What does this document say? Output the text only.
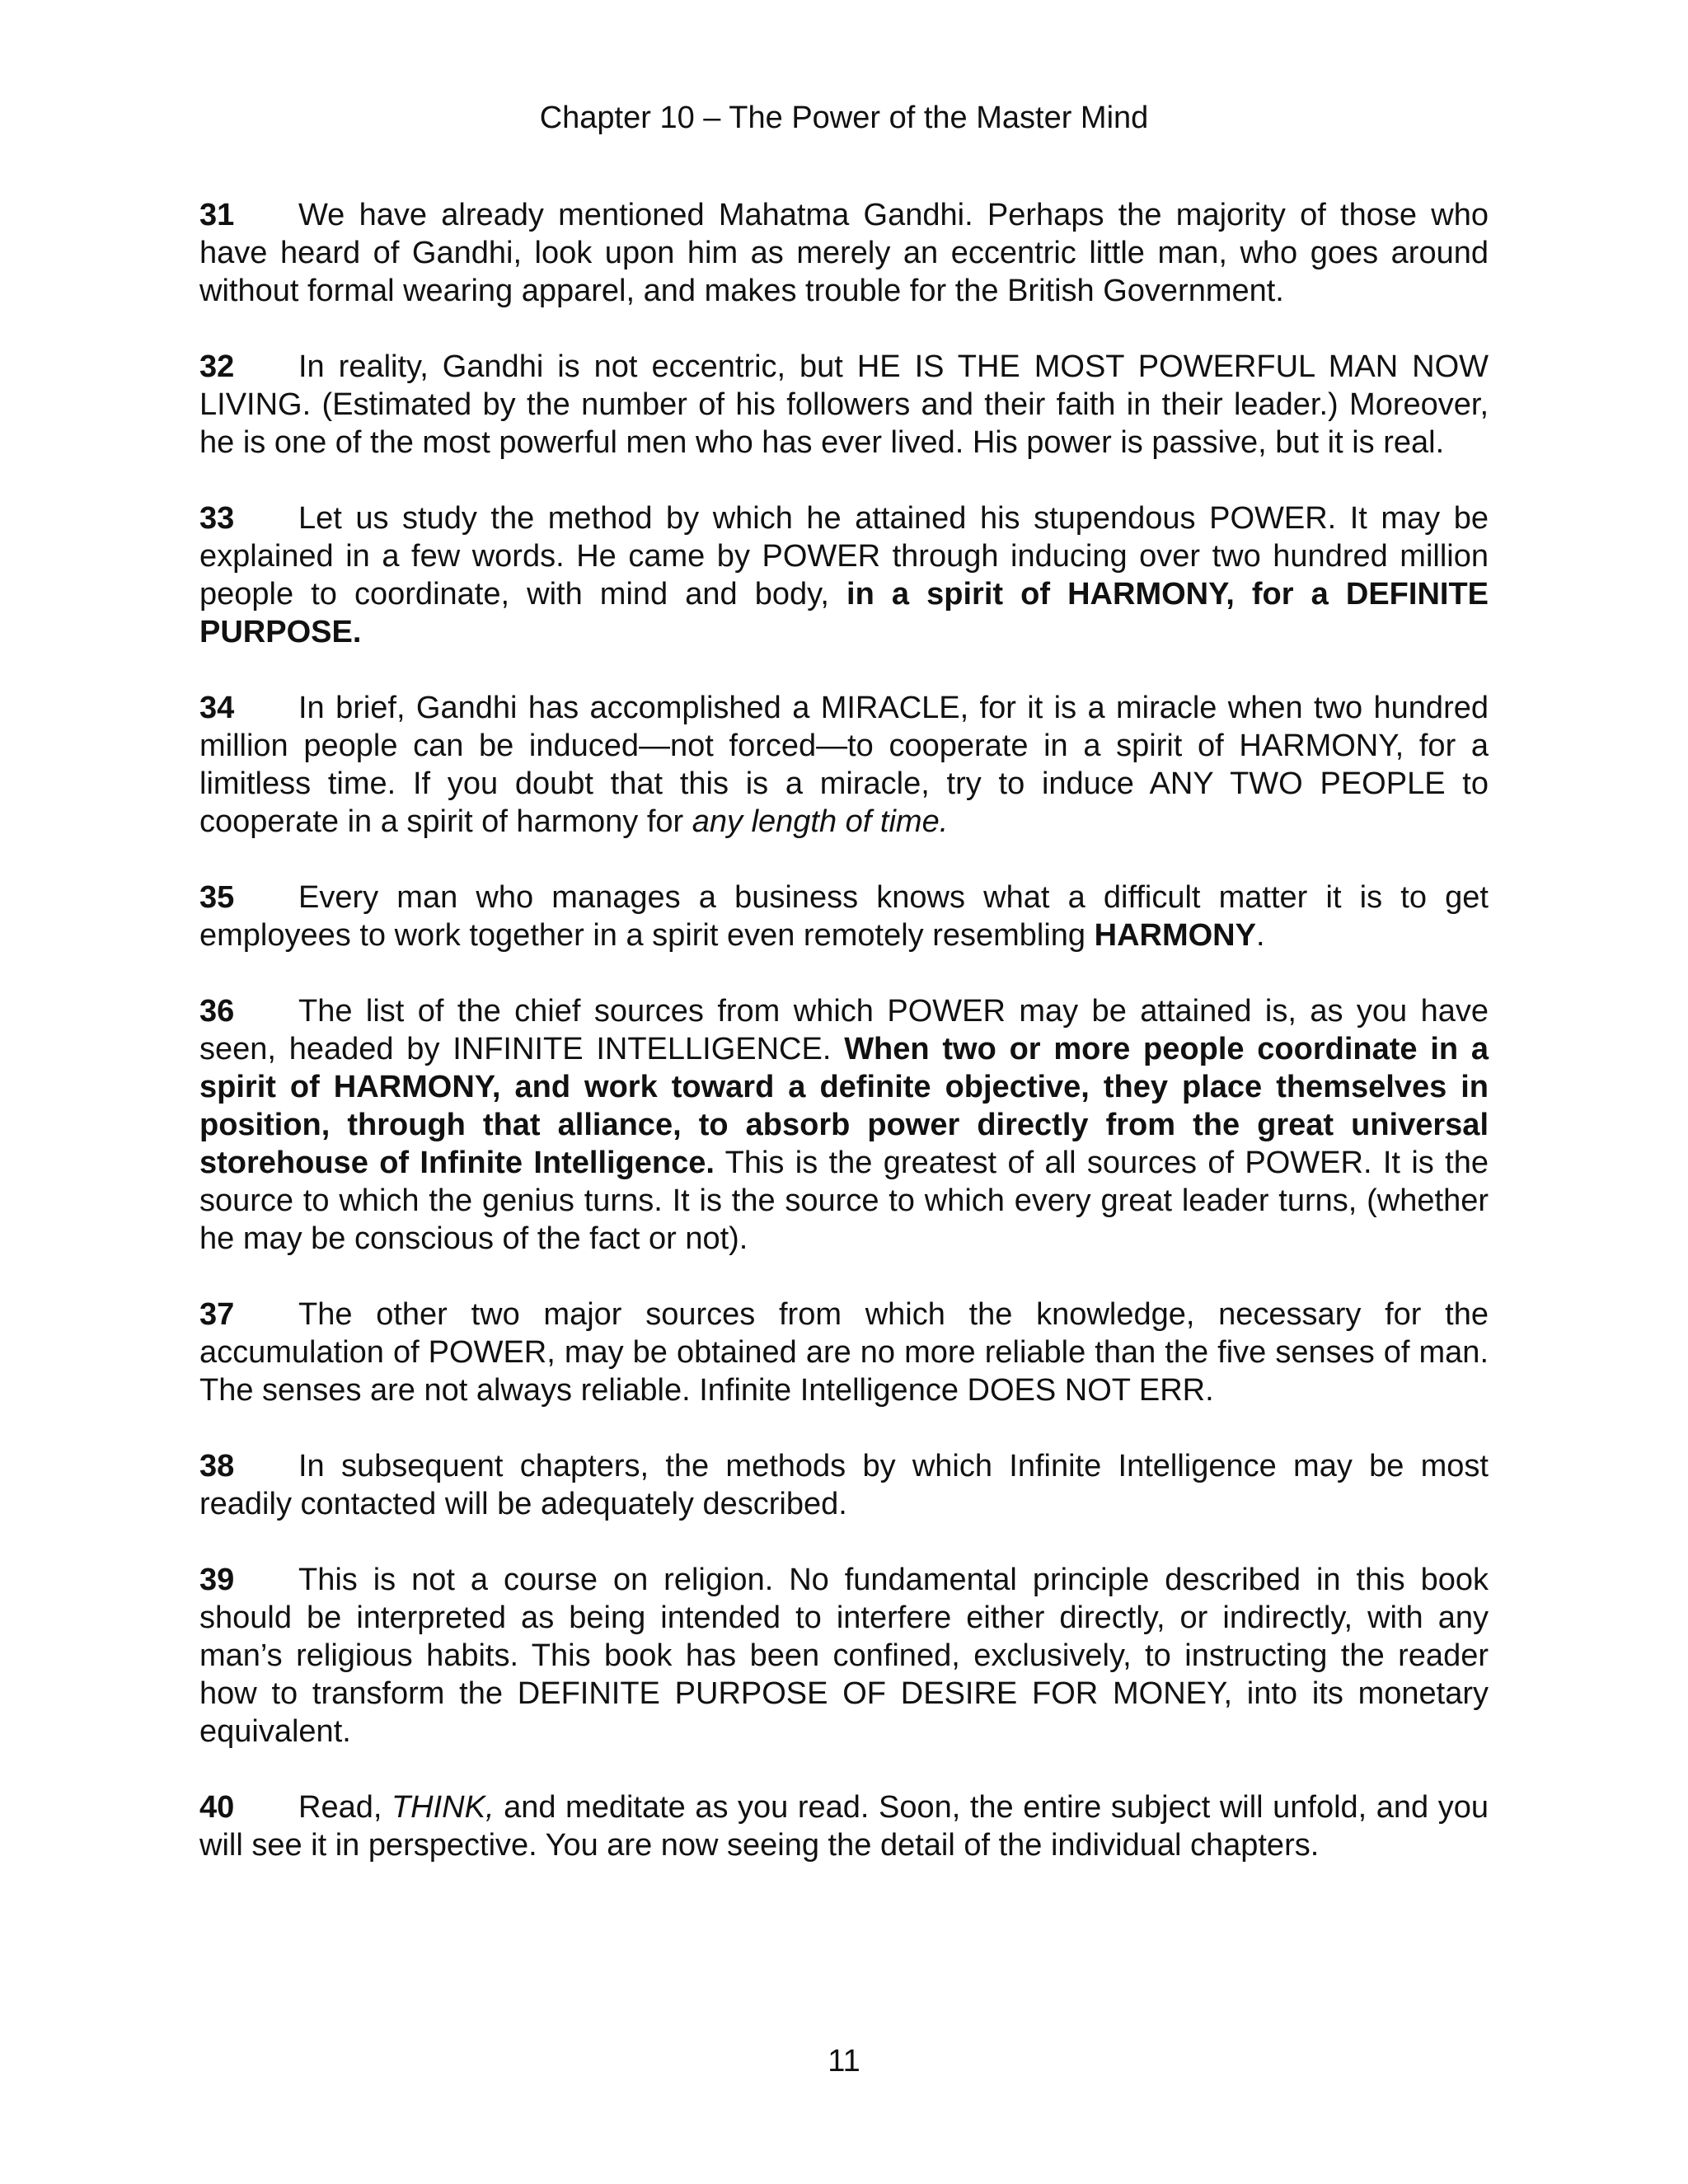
Chapter 10 – The Power of the Master Mind

31 We have already mentioned Mahatma Gandhi. Perhaps the majority of those who have heard of Gandhi, look upon him as merely an eccentric little man, who goes around without formal wearing apparel, and makes trouble for the British Government.

32 In reality, Gandhi is not eccentric, but HE IS THE MOST POWERFUL MAN NOW LIVING. (Estimated by the number of his followers and their faith in their leader.) Moreover, he is one of the most powerful men who has ever lived. His power is passive, but it is real.

33 Let us study the method by which he attained his stupendous POWER. It may be explained in a few words. He came by POWER through inducing over two hundred million people to coordinate, with mind and body, in a spirit of HARMONY, for a DEFINITE PURPOSE.

34 In brief, Gandhi has accomplished a MIRACLE, for it is a miracle when two hundred million people can be induced—not forced—to cooperate in a spirit of HARMONY, for a limitless time. If you doubt that this is a miracle, try to induce ANY TWO PEOPLE to cooperate in a spirit of harmony for any length of time.

35 Every man who manages a business knows what a difficult matter it is to get employees to work together in a spirit even remotely resembling HARMONY.

36 The list of the chief sources from which POWER may be attained is, as you have seen, headed by INFINITE INTELLIGENCE. When two or more people coordinate in a spirit of HARMONY, and work toward a definite objective, they place themselves in position, through that alliance, to absorb power directly from the great universal storehouse of Infinite Intelligence. This is the greatest of all sources of POWER. It is the source to which the genius turns. It is the source to which every great leader turns, (whether he may be conscious of the fact or not).

37 The other two major sources from which the knowledge, necessary for the accumulation of POWER, may be obtained are no more reliable than the five senses of man. The senses are not always reliable. Infinite Intelligence DOES NOT ERR.

38 In subsequent chapters, the methods by which Infinite Intelligence may be most readily contacted will be adequately described.

39 This is not a course on religion. No fundamental principle described in this book should be interpreted as being intended to interfere either directly, or indirectly, with any man’s religious habits. This book has been confined, exclusively, to instructing the reader how to transform the DEFINITE PURPOSE OF DESIRE FOR MONEY, into its monetary equivalent.

40 Read, THINK, and meditate as you read. Soon, the entire subject will unfold, and you will see it in perspective. You are now seeing the detail of the individual chapters.

11
